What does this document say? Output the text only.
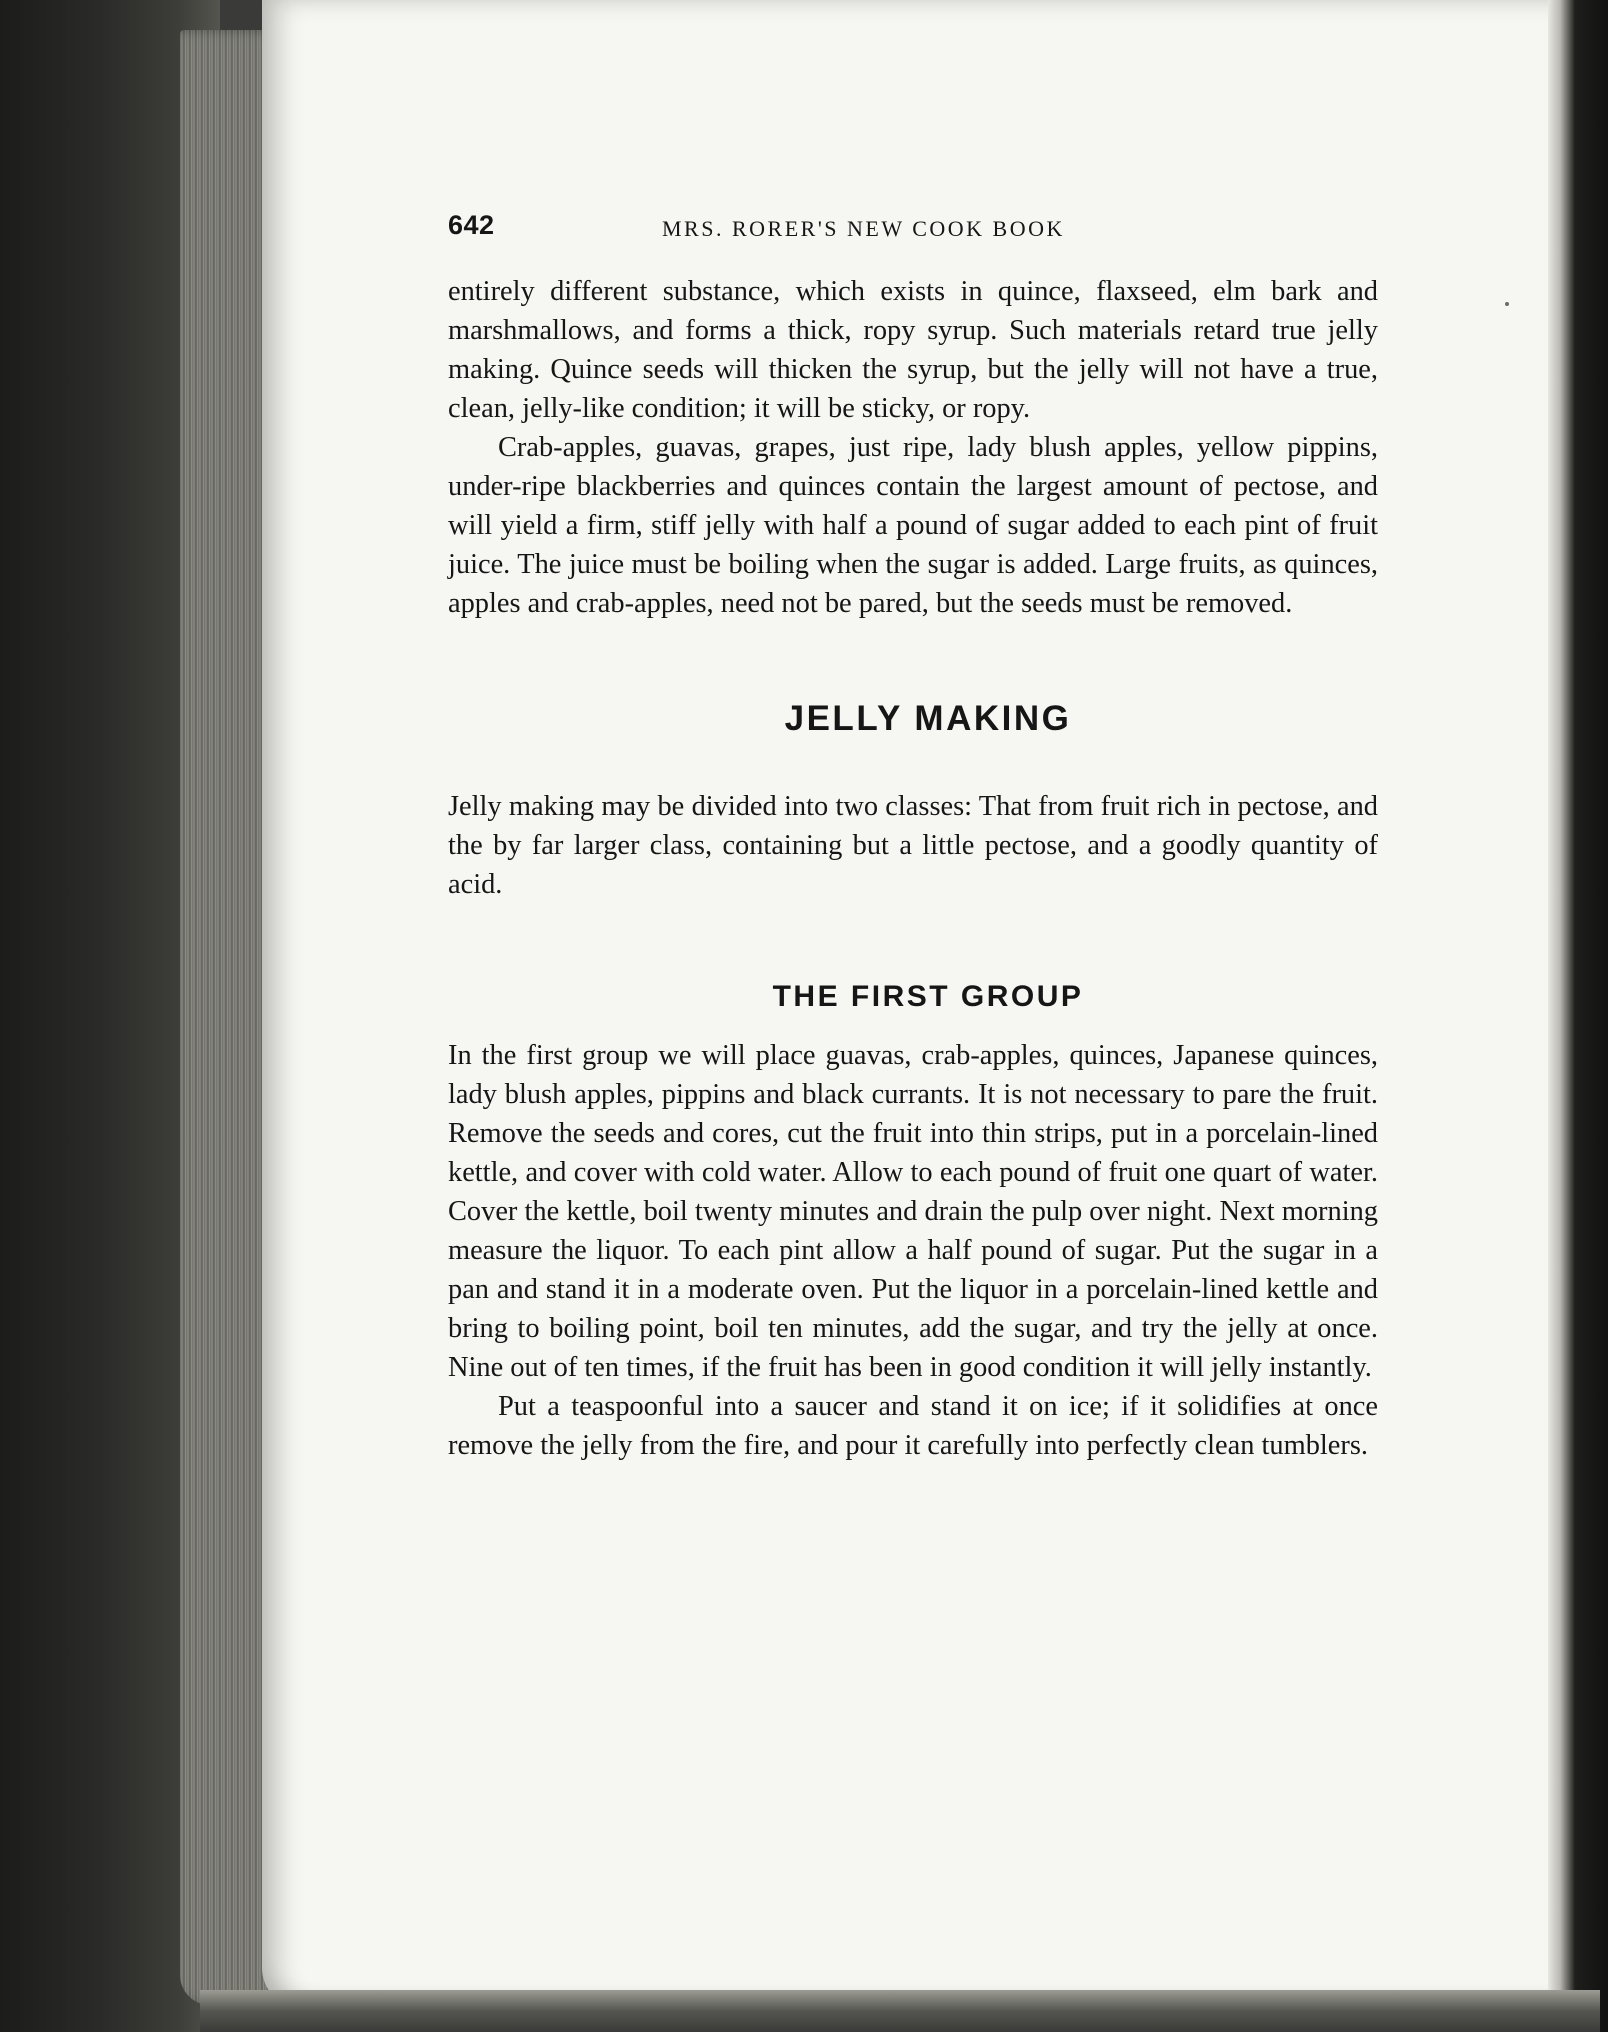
642	MRS. RORER'S NEW COOK BOOK

entirely different substance, which exists in quince, flaxseed, elm bark and marshmallows, and forms a thick, ropy syrup. Such materials retard true jelly making. Quince seeds will thicken the syrup, but the jelly will not have a true, clean, jelly-like condition; it will be sticky, or ropy.

Crab-apples, guavas, grapes, just ripe, lady blush apples, yellow pippins, under-ripe blackberries and quinces contain the largest amount of pectose, and will yield a firm, stiff jelly with half a pound of sugar added to each pint of fruit juice. The juice must be boiling when the sugar is added. Large fruits, as quinces, apples and crab-apples, need not be pared, but the seeds must be removed.

JELLY MAKING

Jelly making may be divided into two classes: That from fruit rich in pectose, and the by far larger class, containing but a little pectose, and a goodly quantity of acid.

THE FIRST GROUP

In the first group we will place guavas, crab-apples, quinces, Japanese quinces, lady blush apples, pippins and black currants. It is not necessary to pare the fruit. Remove the seeds and cores, cut the fruit into thin strips, put in a porcelain-lined kettle, and cover with cold water. Allow to each pound of fruit one quart of water. Cover the kettle, boil twenty minutes and drain the pulp over night. Next morning measure the liquor. To each pint allow a half pound of sugar. Put the sugar in a pan and stand it in a moderate oven. Put the liquor in a porcelain-lined kettle and bring to boiling point, boil ten minutes, add the sugar, and try the jelly at once. Nine out of ten times, if the fruit has been in good condition it will jelly instantly.

Put a teaspoonful into a saucer and stand it on ice; if it solidifies at once remove the jelly from the fire, and pour it carefully into perfectly clean tumblers.
